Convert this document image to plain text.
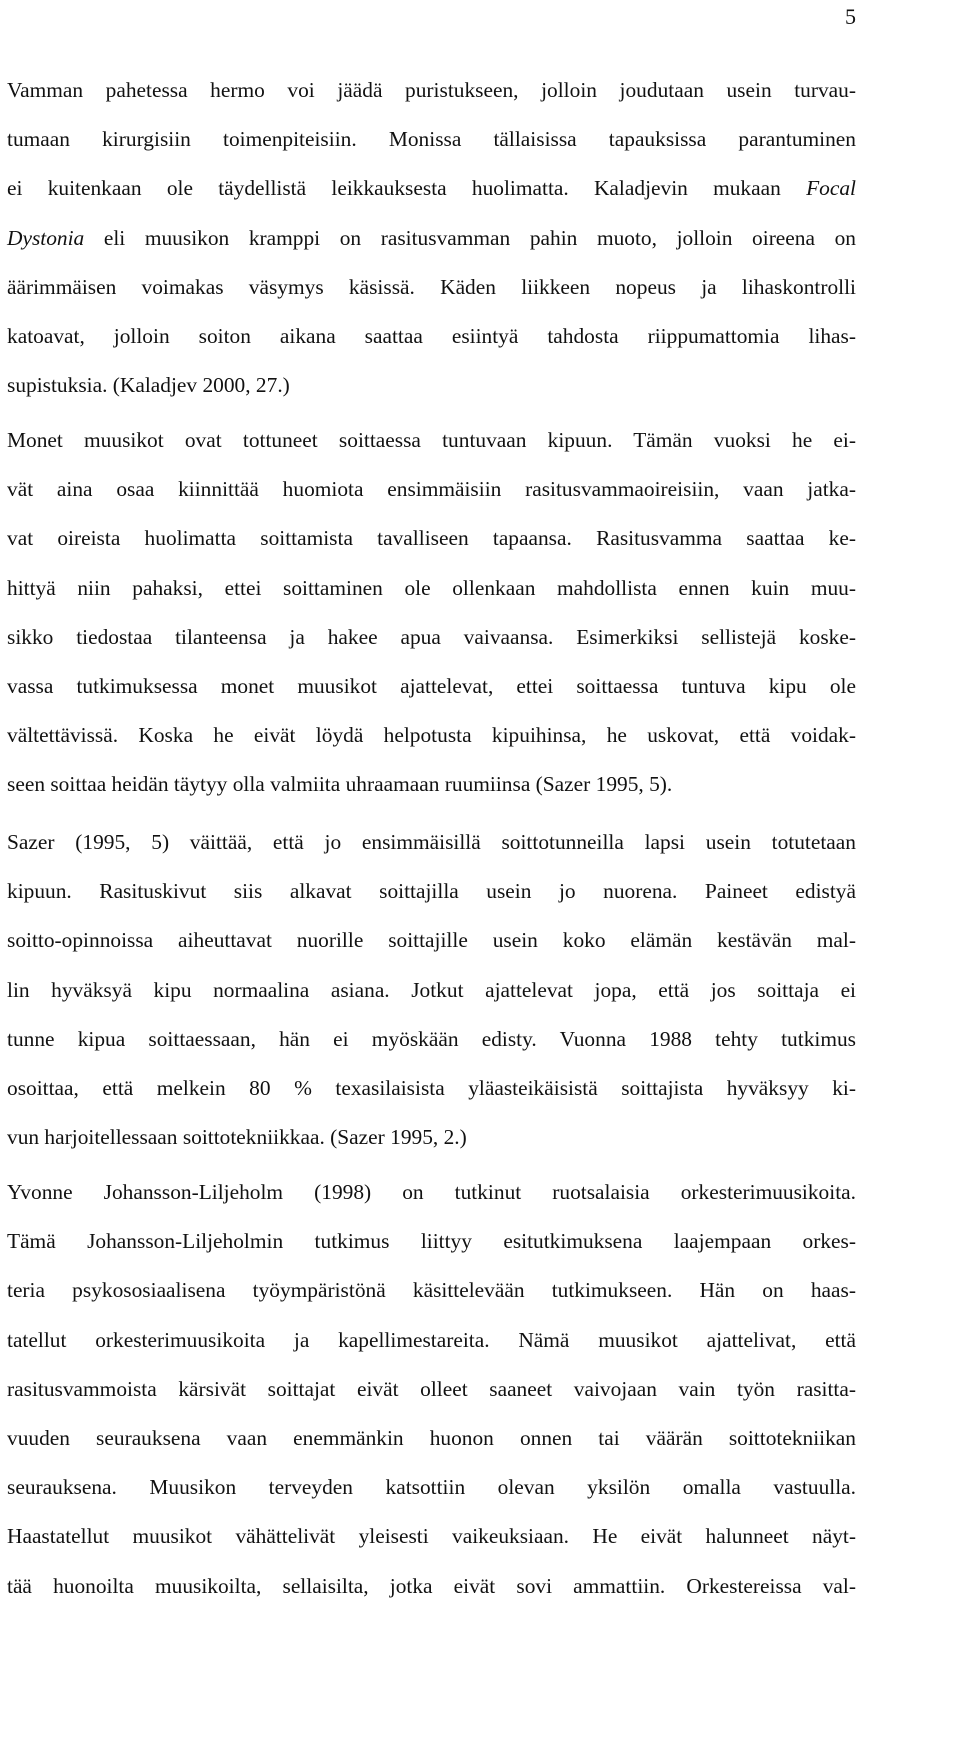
5
Vamman pahetessa hermo voi jäädä puristukseen, jolloin joudutaan usein turvau-
tumaan kirurgisiin toimenpiteisiin. Monissa tällaisissa tapauksissa parantuminen
ei kuitenkaan ole täydellistä leikkauksesta huolimatta. Kaladjevin mukaan Focal
Dystonia eli muusikon kramppi on rasitusvamman pahin muoto, jolloin oireena on
äärimmäisen voimakas väsymys käsissä. Käden liikkeen nopeus ja lihaskontrolli
katoavat, jolloin soiton aikana saattaa esiintyä tahdosta riippumattomia lihas-
supistuksia. (Kaladjev 2000, 27.)
Monet muusikot ovat tottuneet soittaessa tuntuvaan kipuun. Tämän vuoksi he ei-
vät aina osaa kiinnittää huomiota ensimmäisiin rasitusvammaoireisiin, vaan jatka-
vat oireista huolimatta soittamista tavalliseen tapaansa. Rasitusvamma saattaa ke-
hittyä niin pahaksi, ettei soittaminen ole ollenkaan mahdollista ennen kuin muu-
sikko tiedostaa tilanteensa ja hakee apua vaivaansa. Esimerkiksi sellistejä koske-
vassa tutkimuksessa monet muusikot ajattelevat, ettei soittaessa tuntuva kipu ole
vältettävissä. Koska he eivät löydä helpotusta kipuihinsa, he uskovat, että voidak-
seen soittaa heidän täytyy olla valmiita uhraamaan ruumiinsa (Sazer 1995, 5).
Sazer (1995, 5) väittää, että jo ensimmäisillä soittotunneilla lapsi usein totutetaan
kipuun. Rasituskivut siis alkavat soittajilla usein jo nuorena. Paineet edistyä
soitto-opinnoissa aiheuttavat nuorille soittajille usein koko elämän kestävän mal-
lin hyväksyä kipu normaalina asiana. Jotkut ajattelevat jopa, että jos soittaja ei
tunne kipua soittaessaan, hän ei myöskään edisty. Vuonna 1988 tehty tutkimus
osoittaa, että melkein 80 % texasilaisista yläasteikäisistä soittajista hyväksyy ki-
vun harjoitellessaan soittotekniikkaa. (Sazer 1995, 2.)
Yvonne Johansson-Liljeholm (1998) on tutkinut ruotsalaisia orkesterimuusikoita.
Tämä Johansson-Liljeholmin tutkimus liittyy esitutkimuksena laajempaan orkes-
teria psykososiaalisena työympäristönä käsittelevään tutkimukseen. Hän on haas-
tatellut orkesterimuusikoita ja kapellimestareita. Nämä muusikot ajattelivat, että
rasitusvammoista kärsivät soittajat eivät olleet saaneet vaivojaan vain työn rasitta-
vuuden seurauksena vaan enemmänkin huonon onnen tai väärän soittotekniikan
seurauksena. Muusikon terveyden katsottiin olevan yksilön omalla vastuulla.
Haastatellut muusikot vähättelivät yleisesti vaikeuksiaan. He eivät halunneet näyt-
tää huonoilta muusikoilta, sellaisilta, jotka eivät sovi ammattiin. Orkestereissa val-
